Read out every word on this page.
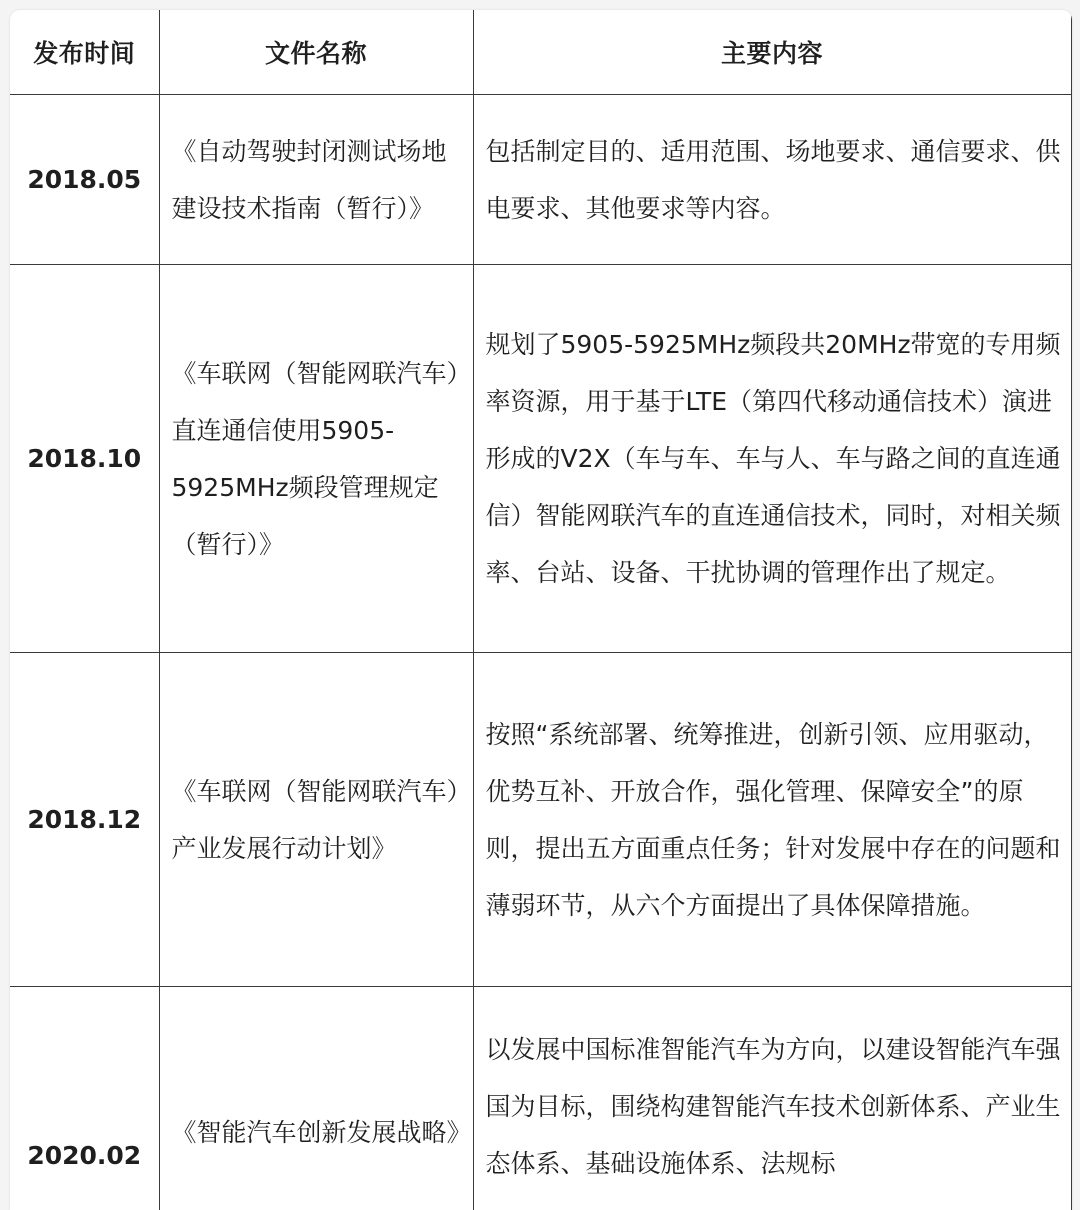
发布时间	文件名称	主要内容
2018.05	《自动驾驶封闭测试场地建设技术指南（暂行）》	包括制定目的、适用范围、场地要求、通信要求、供电要求、其他要求等内容。
2018.10	《车联网（智能网联汽车）直连通信使用5905-5925MHz频段管理规定（暂行）》	规划了5905-5925MHz频段共20MHz带宽的专用频率资源，用于基于LTE（第四代移动通信技术）演进形成的V2X（车与车、车与人、车与路之间的直连通信）智能网联汽车的直连通信技术，同时，对相关频率、台站、设备、干扰协调的管理作出了规定。
2018.12	《车联网（智能网联汽车）产业发展行动计划》	按照“系统部署、统筹推进，创新引领、应用驱动，优势互补、开放合作，强化管理、保障安全”的原则，提出五方面重点任务；针对发展中存在的问题和薄弱环节，从六个方面提出了具体保障措施。
2020.02	《智能汽车创新发展战略》	以发展中国标准智能汽车为方向，以建设智能汽车强国为目标，围绕构建智能汽车技术创新体系、产业生态体系、基础设施体系、法规标
